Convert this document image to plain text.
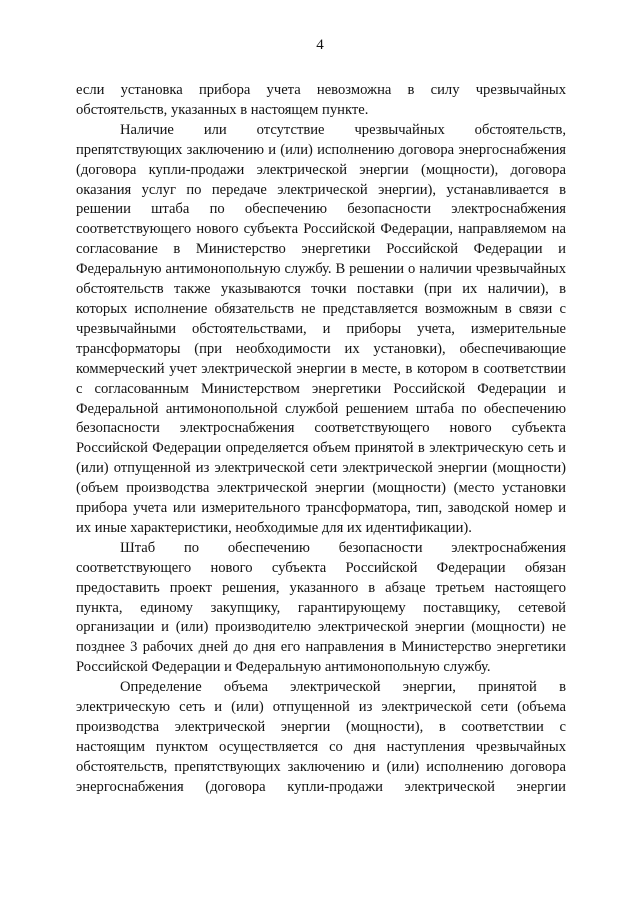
4

если установка прибора учета невозможна в силу чрезвычайных обстоятельств, указанных в настоящем пункте.

Наличие или отсутствие чрезвычайных обстоятельств, препятствующих заключению и (или) исполнению договора энергоснабжения (договора купли-продажи электрической энергии (мощности), договора оказания услуг по передаче электрической энергии), устанавливается в решении штаба по обеспечению безопасности электроснабжения соответствующего нового субъекта Российской Федерации, направляемом на согласование в Министерство энергетики Российской Федерации и Федеральную антимонопольную службу. В решении о наличии чрезвычайных обстоятельств также указываются точки поставки (при их наличии), в которых исполнение обязательств не представляется возможным в связи с чрезвычайными обстоятельствами, и приборы учета, измерительные трансформаторы (при необходимости их установки), обеспечивающие коммерческий учет электрической энергии в месте, в котором в соответствии с согласованным Министерством энергетики Российской Федерации и Федеральной антимонопольной службой решением штаба по обеспечению безопасности электроснабжения соответствующего нового субъекта Российской Федерации определяется объем принятой в электрическую сеть и (или) отпущенной из электрической сети электрической энергии (мощности) (объем производства электрической энергии (мощности) (место установки прибора учета или измерительного трансформатора, тип, заводской номер и их иные характеристики, необходимые для их идентификации).

Штаб по обеспечению безопасности электроснабжения соответствующего нового субъекта Российской Федерации обязан предоставить проект решения, указанного в абзаце третьем настоящего пункта, единому закупщику, гарантирующему поставщику, сетевой организации и (или) производителю электрической энергии (мощности) не позднее 3 рабочих дней до дня его направления в Министерство энергетики Российской Федерации и Федеральную антимонопольную службу.

Определение объема электрической энергии, принятой в электрическую сеть и (или) отпущенной из электрической сети (объема производства электрической энергии (мощности), в соответствии с настоящим пунктом осуществляется со дня наступления чрезвычайных обстоятельств, препятствующих заключению и (или) исполнению договора энергоснабжения (договора купли-продажи электрической энергии
